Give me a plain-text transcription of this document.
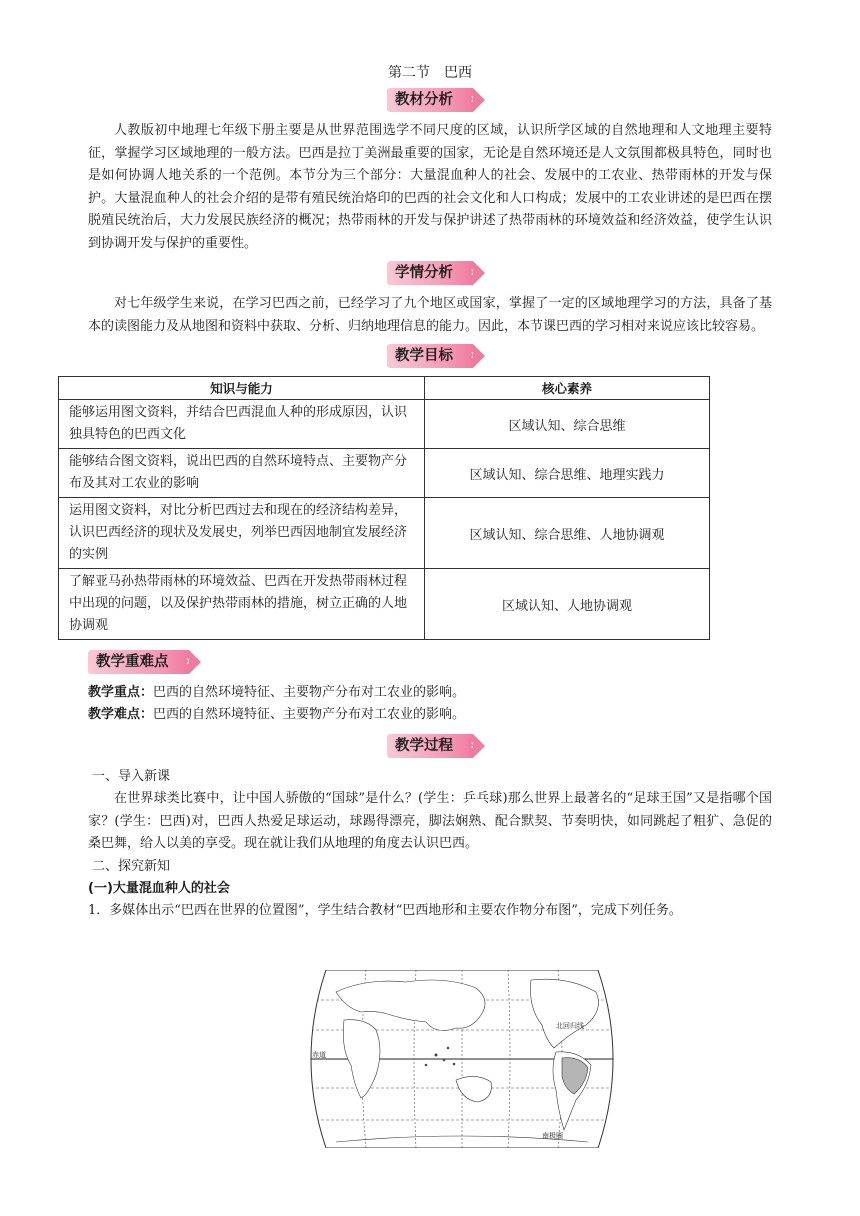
第二节　巴西
教材分析 ›

人教版初中地理七年级下册主要是从世界范围选学不同尺度的区域，认识所学区域的自然地理和人文地理主要特征，掌握学习区域地理的一般方法。巴西是拉丁美洲最重要的国家，无论是自然环境还是人文氛围都极具特色，同时也是如何协调人地关系的一个范例。本节分为三个部分：大量混血种人的社会、发展中的工农业、热带雨林的开发与保护。大量混血种人的社会介绍的是带有殖民统治烙印的巴西的社会文化和人口构成；发展中的工农业讲述的是巴西在摆脱殖民统治后，大力发展民族经济的概况；热带雨林的开发与保护讲述了热带雨林的环境效益和经济效益，使学生认识到协调开发与保护的重要性。

学情分析 ›

对七年级学生来说，在学习巴西之前，已经学习了九个地区或国家，掌握了一定的区域地理学习的方法，具备了基本的读图能力及从地图和资料中获取、分析、归纳地理信息的能力。因此，本节课巴西的学习相对来说应该比较容易。

教学目标 ›
知识与能力	核心素养
能够运用图文资料，并结合巴西混血人种的形成原因，认识独具特色的巴西文化	区域认知、综合思维
能够结合图文资料，说出巴西的自然环境特点、主要物产分布及其对工农业的影响	区域认知、综合思维、地理实践力
运用图文资料，对比分析巴西过去和现在的经济结构差异，认识巴西经济的现状及发展史，列举巴西因地制宜发展经济的实例	区域认知、综合思维、人地协调观
了解亚马孙热带雨林的环境效益、巴西在开发热带雨林过程中出现的问题，以及保护热带雨林的措施，树立正确的人地协调观	区域认知、人地协调观
教学重难点 ›
教学重点：巴西的自然环境特征、主要物产分布对工农业的影响。
教学难点：巴西的自然环境特征、主要物产分布对工农业的影响。
教学过程 ›
一、导入新课

在世界球类比赛中，让中国人骄傲的“国球”是什么？(学生：乒乓球)那么世界上最著名的“足球王国”又是指哪个国家？(学生：巴西)对，巴西人热爱足球运动，球踢得漂亮，脚法娴熟、配合默契、节奏明快，如同跳起了粗犷、急促的桑巴舞，给人以美的享受。现在就让我们从地理的角度去认识巴西。

二、探究新知
(一)大量混血种人的社会
1．多媒体出示“巴西在世界的位置图”，学生结合教材“巴西地形和主要农作物分布图”，完成下列任务。
北回归线
赤道
南极圈
